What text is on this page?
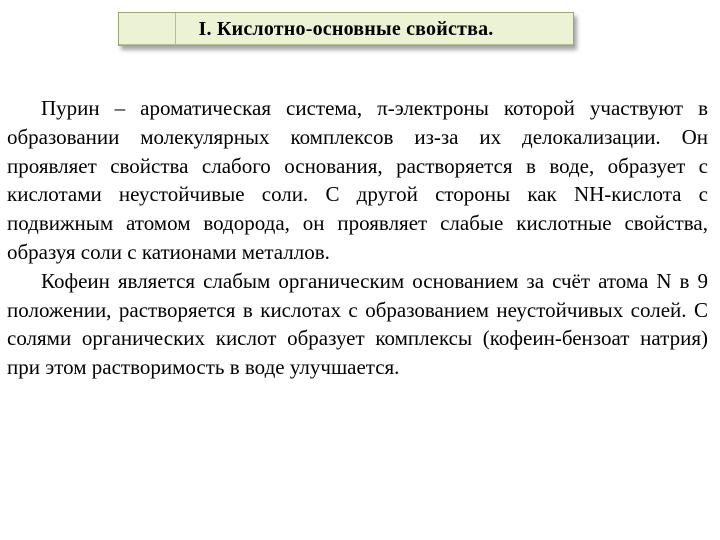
I. Кислотно-основные свойства.

Пурин – ароматическая система, π-электроны которой участвуют в образовании молекулярных комплексов из-за их делокализации. Он проявляет свойства слабого основания, растворяется в воде, образует с кислотами неустойчивые соли. С другой стороны как NH-кислота с подвижным атомом водорода, он проявляет слабые кислотные свойства, образуя соли с катионами металлов.

Кофеин является слабым органическим основанием за счёт атома N в 9 положении, растворяется в кислотах с образованием неустойчивых солей. С солями органических кислот образует комплексы (кофеин-бензоат натрия) при этом растворимость в воде улучшается.
